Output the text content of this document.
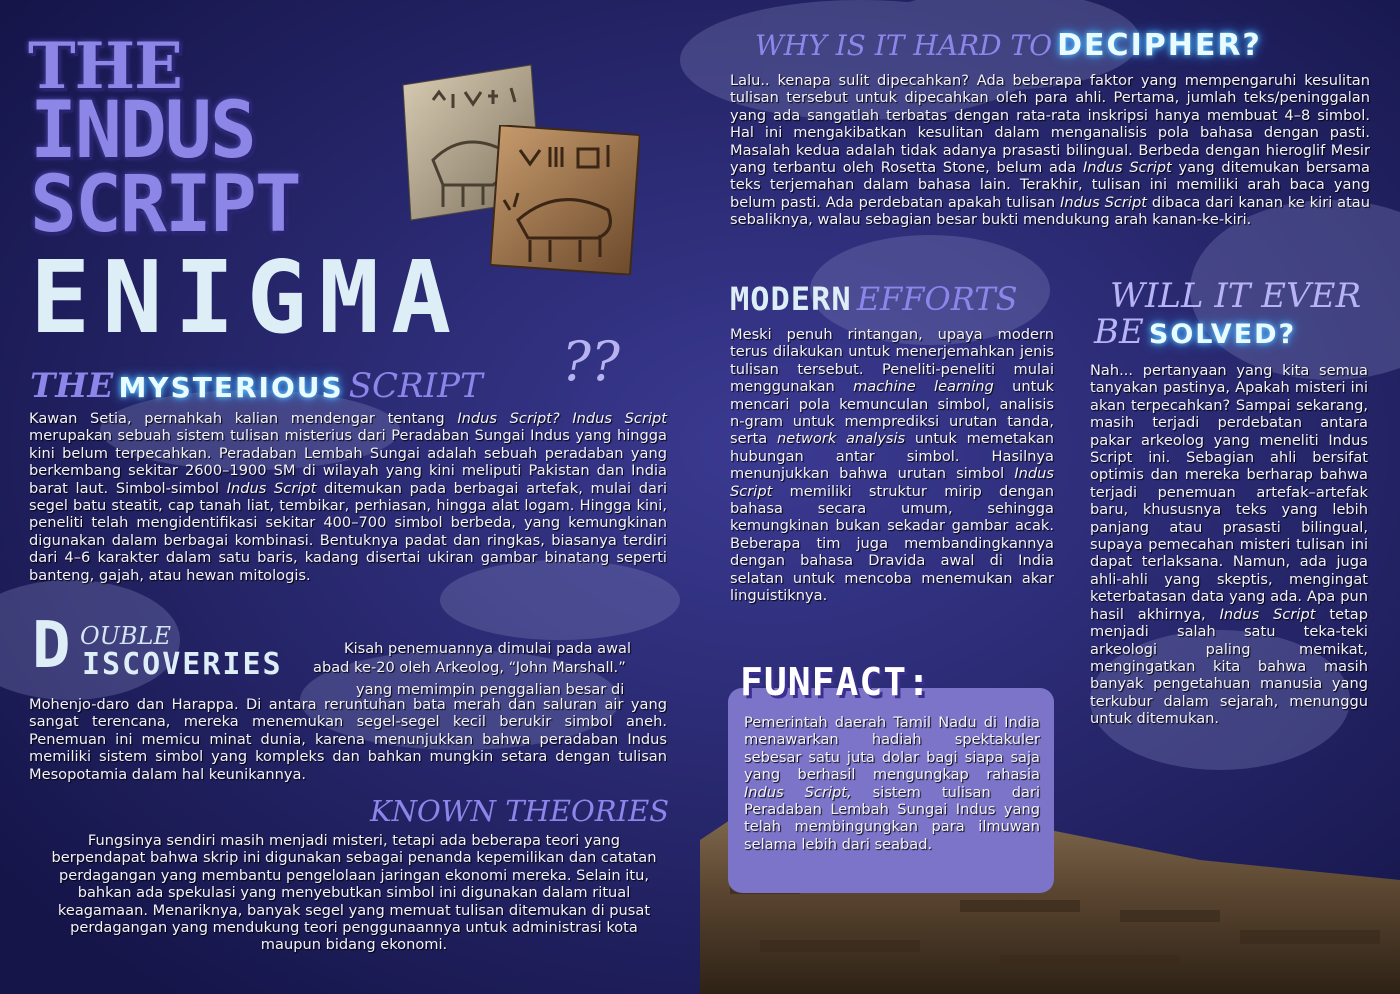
THE
INDUS
SCRIPT
ENIGMA
THE MYSTERIOUS SCRIPT ??

Kawan Setia, pernahkah kalian mendengar tentang Indus Script? Indus Script merupakan sebuah sistem tulisan misterius dari Peradaban Sungai Indus yang hingga kini belum terpecahkan. Peradaban Lembah Sungai adalah sebuah peradaban yang berkembang sekitar 2600–1900 SM di wilayah yang kini meliputi Pakistan dan India barat laut. Simbol-simbol Indus Script ditemukan pada berbagai artefak, mulai dari segel batu steatit, cap tanah liat, tembikar, perhiasan, hingga alat logam. Hingga kini, peneliti telah mengidentifikasi sekitar 400–700 simbol berbeda, yang kemungkinan digunakan dalam berbagai kombinasi. Bentuknya padat dan ringkas, biasanya terdiri dari 4–6 karakter dalam satu baris, kadang disertai ukiran gambar binatang seperti banteng, gajah, atau hewan mitologis.

D OUBLE
ISCOVERIES	Kisah penemuannya dimulai pada awal
abad ke-20 oleh Arkeolog, “John Marshall.”
yang memimpin penggalian besar di

Mohenjo-daro dan Harappa. Di antara reruntuhan bata merah dan saluran air yang sangat terencana, mereka menemukan segel-segel kecil berukir simbol aneh. Penemuan ini memicu minat dunia, karena menunjukkan bahwa peradaban Indus memiliki sistem simbol yang kompleks dan bahkan mungkin setara dengan tulisan Mesopotamia dalam hal keunikannya.

KNOWN THEORIES

Fungsinya sendiri masih menjadi misteri, tetapi ada beberapa teori yang berpendapat bahwa skrip ini digunakan sebagai penanda kepemilikan dan catatan perdagangan yang membantu pengelolaan jaringan ekonomi mereka. Selain itu, bahkan ada spekulasi yang menyebutkan simbol ini digunakan dalam ritual keagamaan. Menariknya, banyak segel yang memuat tulisan ditemukan di pusat perdagangan yang mendukung teori penggunaannya untuk administrasi kota maupun bidang ekonomi.

WHY IS IT HARD TO DECIPHER?

Lalu.. kenapa sulit dipecahkan? Ada beberapa faktor yang mempengaruhi kesulitan tulisan tersebut untuk dipecahkan oleh para ahli. Pertama, jumlah teks/peninggalan yang ada sangatlah terbatas dengan rata-rata inskripsi hanya membuat 4–8 simbol. Hal ini mengakibatkan kesulitan dalam menganalisis pola bahasa dengan pasti. Masalah kedua adalah tidak adanya prasasti bilingual. Berbeda dengan hieroglif Mesir yang terbantu oleh Rosetta Stone, belum ada Indus Script yang ditemukan bersama teks terjemahan dalam bahasa lain. Terakhir, tulisan ini memiliki arah baca yang belum pasti. Ada perdebatan apakah tulisan Indus Script dibaca dari kanan ke kiri atau sebaliknya, walau sebagian besar bukti mendukung arah kanan-ke-kiri.

MODERN EFFORTS

Meski penuh rintangan, upaya modern terus dilakukan untuk menerjemahkan jenis tulisan tersebut. Peneliti-peneliti mulai menggunakan machine learning untuk mencari pola kemunculan simbol, analisis n-gram untuk memprediksi urutan tanda, serta network analysis untuk memetakan hubungan antar simbol. Hasilnya menunjukkan bahwa urutan simbol Indus Script memiliki struktur mirip dengan bahasa secara umum, sehingga kemungkinan bukan sekadar gambar acak. Beberapa tim juga membandingkannya dengan bahasa Dravida awal di India selatan untuk mencoba menemukan akar linguistiknya.

FUNFACT:

Pemerintah daerah Tamil Nadu di India menawarkan hadiah spektakuler sebesar satu juta dolar bagi siapa saja yang berhasil mengungkap rahasia Indus Script, sistem tulisan dari Peradaban Lembah Sungai Indus yang telah membingungkan para ilmuwan selama lebih dari seabad.

WILL IT EVER
BE SOLVED?

Nah... pertanyaan yang kita semua tanyakan pastinya, Apakah misteri ini akan terpecahkan? Sampai sekarang, masih terjadi perdebatan antara pakar arkeolog yang meneliti Indus Script ini. Sebagian ahli bersifat optimis dan mereka berharap bahwa terjadi penemuan artefak–artefak baru, khususnya teks yang lebih panjang atau prasasti bilingual, supaya pemecahan misteri tulisan ini dapat terlaksana. Namun, ada juga ahli-ahli yang skeptis, mengingat keterbatasan data yang ada. Apa pun hasil akhirnya, Indus Script tetap menjadi salah satu teka-teki arkeologi paling memikat, mengingatkan kita bahwa masih banyak pengetahuan manusia yang terkubur dalam sejarah, menunggu untuk ditemukan.
